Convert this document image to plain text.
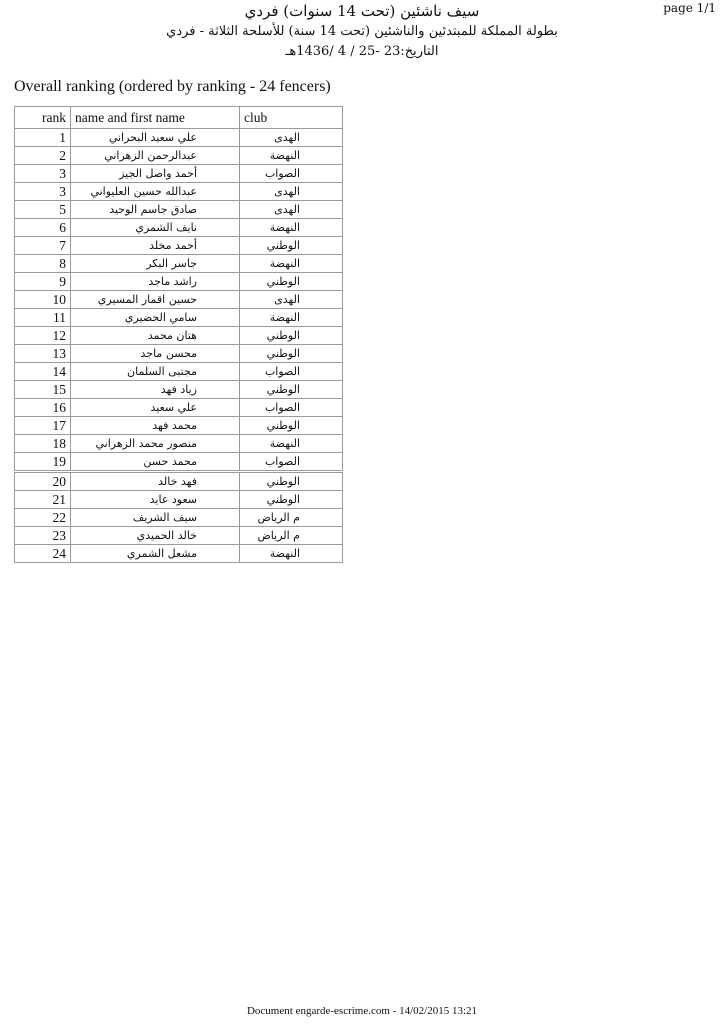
page 1/1
سيف ناشئين (تحت 14 سنوات) فردي
بطولة المملكة للمبتدئين والناشئين (تحت 14 سنة) للأسلحة الثلاثة - فردي
التاريخ:23 -25 / 4 /1436هـ
Overall ranking (ordered by ranking - 24 fencers)
rank	name and first name	club
1	علي سعيد البحراني	الهدى
2	عبدالرحمن الزهراني	النهضة
3	أحمد واصل الجيز	الصواب
3	عبدالله حسين العليواني	الهدى
5	صادق جاسم الوحيد	الهدى
6	نايف الشمري	النهضة
7	أحمد مخلد	الوطني
8	جاسر البكر	النهضة
9	راشد ماجد	الوطني
10	حسين اقمار المسيري	الهدى
11	سامي الحضيري	النهضة
12	هتان محمد	الوطني
13	محسن ماجد	الوطني
14	مجتبى السلمان	الصواب
15	زياد فهد	الوطني
16	علي سعيد	الصواب
17	محمد فهد	الوطني
18	منصور محمد الزهراني	النهضة
19	محمد حسن	الصواب
20	فهد خالد	الوطني
21	سعود عايد	الوطني
22	سيف الشريف	م الرياض
23	خالد الحميدي	م الرياض
24	مشعل الشمري	النهضة
Document engarde-escrime.com - 14/02/2015 13:21
